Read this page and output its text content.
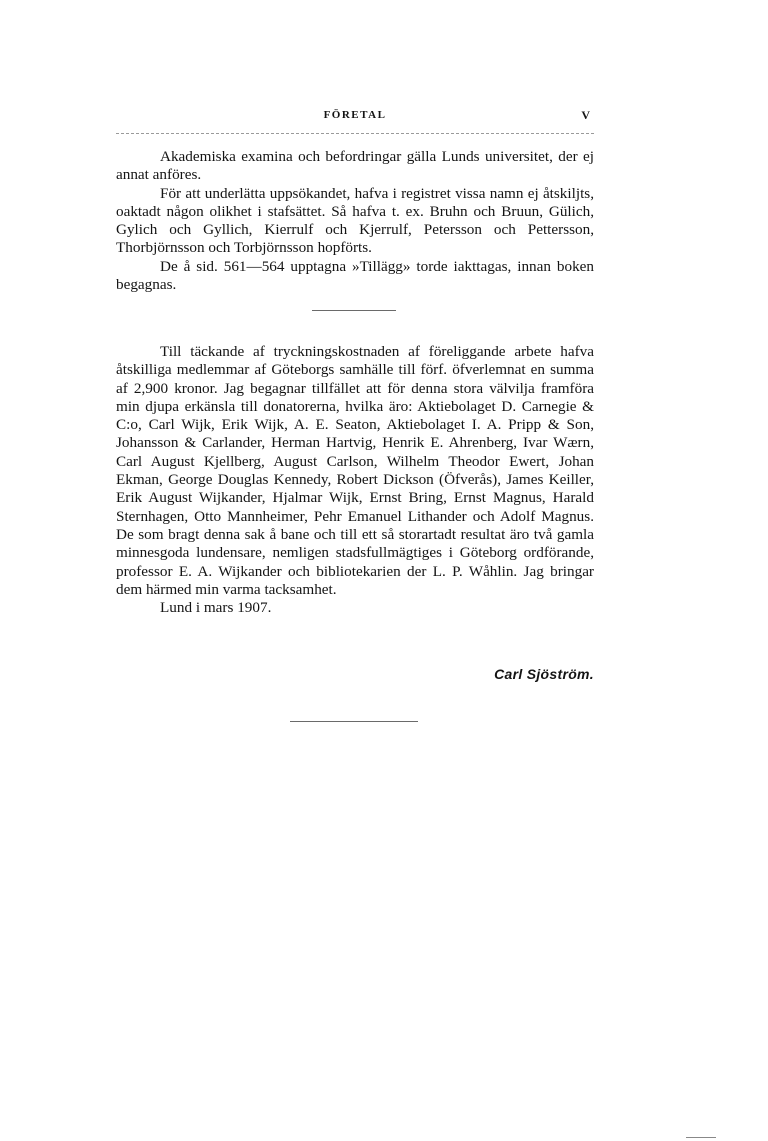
FÖRETAL	V

Akademiska examina och befordringar gälla Lunds universitet, der ej annat anföres.

För att underlätta uppsökandet, hafva i registret vissa namn ej åtskiljts, oaktadt någon olikhet i stafsättet. Så hafva t. ex. Bruhn och Bruun, Gülich, Gylich och Gyllich, Kierrulf och Kjerrulf, Petersson och Pettersson, Thorbjörnsson och Torbjörnsson hopförts.

De å sid. 561—564 upptagna »Tillägg» torde iakttagas, innan boken begagnas.

Till täckande af tryckningskostnaden af föreliggande arbete hafva åtskilliga medlemmar af Göteborgs samhälle till förf. öfverlemnat en summa af 2,900 kronor. Jag begagnar tillfället att för denna stora välvilja framföra min djupa erkänsla till donatorerna, hvilka äro: Aktiebolaget D. Carnegie & C:o, Carl Wijk, Erik Wijk, A. E. Seaton, Aktiebolaget I. A. Pripp & Son, Johansson & Carlander, Herman Hartvig, Henrik E. Ahrenberg, Ivar Wærn, Carl August Kjellberg, August Carlson, Wilhelm Theodor Ewert, Johan Ekman, George Douglas Kennedy, Robert Dickson (Öfverås), James Keiller, Erik August Wijkander, Hjalmar Wijk, Ernst Bring, Ernst Magnus, Harald Sternhagen, Otto Mannheimer, Pehr Emanuel Lithander och Adolf Magnus. De som bragt denna sak å bane och till ett så storartadt resultat äro två gamla minnesgoda lundensare, nemligen stadsfullmägtiges i Göteborg ordförande, professor E. A. Wijkander och bibliotekarien der L. P. Wåhlin. Jag bringar dem härmed min varma tacksamhet.

Lund i mars 1907.

Carl Sjöström.
